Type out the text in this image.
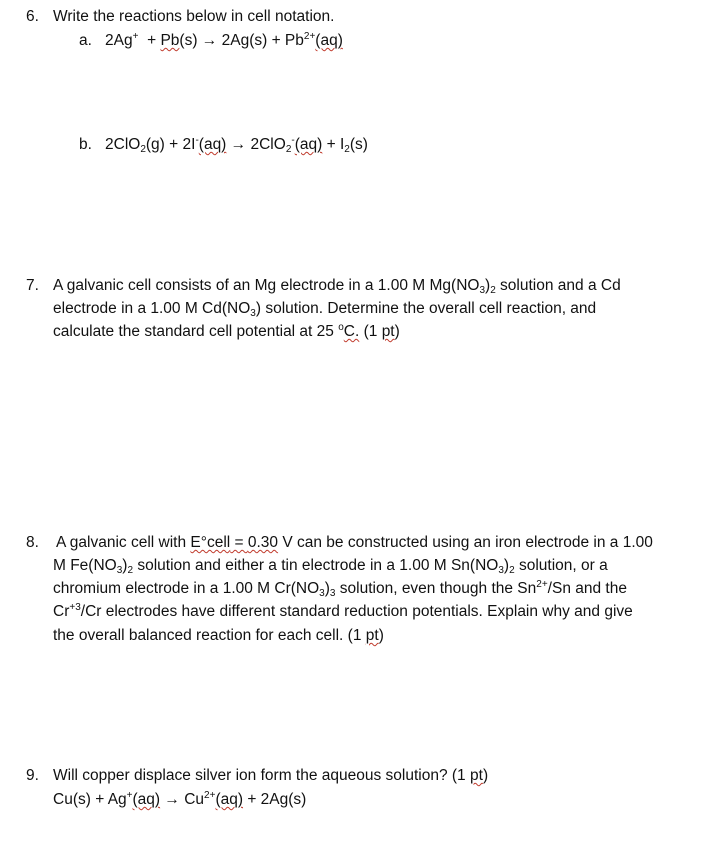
6. Write the reactions below in cell notation.
a. $2Ag^+ + Pb(s) \to 2Ag(s) + Pb^{2+}(aq)$
b. $2ClO_2(g) + 2I^-(aq) \to 2ClO_2^-(aq) + I_2(s)$
7. A galvanic cell consists of an Mg electrode in a 1.00 M $Mg(NO_3)_2$ solution and a Cd
electrode in a 1.00 M $Cd(NO_3)$ solution. Determine the overall cell reaction, and
calculate the standard cell potential at 25 $^o$C. (1 pt)
8. A galvanic cell with E°cell = 0.30 V can be constructed using an iron electrode in a 1.00
M $Fe(NO_3)_2$ solution and either a tin electrode in a 1.00 M $Sn(NO_3)_2$ solution, or a
chromium electrode in a 1.00 M $Cr(NO_3)_3$ solution, even though the $Sn^{2+}/Sn$ and the
$Cr^{+3}/Cr$ electrodes have different standard reduction potentials. Explain why and give
the overall balanced reaction for each cell. (1 pt)
9. Will copper displace silver ion form the aqueous solution? (1 pt)
$Cu(s) + Ag^+(aq) \to Cu^{2+}(aq) + 2Ag(s)$
